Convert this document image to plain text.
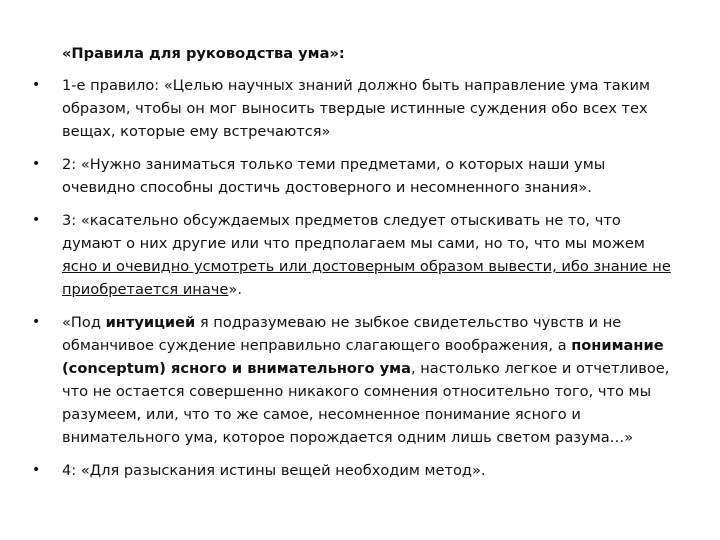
«Правила для руководства ума»:
• 1-е правило: «Целью научных знаний должно быть направление ума таким образом, чтобы он мог выносить твердые истинные суждения обо всех тех вещах, которые ему встречаются»
• 2: «Нужно заниматься только теми предметами, о которых наши умы очевидно способны достичь достоверного и несомненного знания».
• 3: «касательно обсуждаемых предметов следует отыскивать не то, что думают о них другие или что предполагаем мы сами, но то, что мы можем ясно и очевидно усмотреть или достоверным образом вывести, ибо знание не приобретается иначе».
• «Под интуицией я подразумеваю не зыбкое свидетельство чувств и не обманчивое суждение неправильно слагающего воображения, а понимание (conceptum) ясного и внимательного ума, настолько легкое и отчетливое, что не остается совершенно никакого сомнения относительно того, что мы разумеем, или, что то же самое, несомненное понимание ясного и внимательного ума, которое порождается одним лишь светом разума…»
• 4: «Для разыскания истины вещей необходим метод».
